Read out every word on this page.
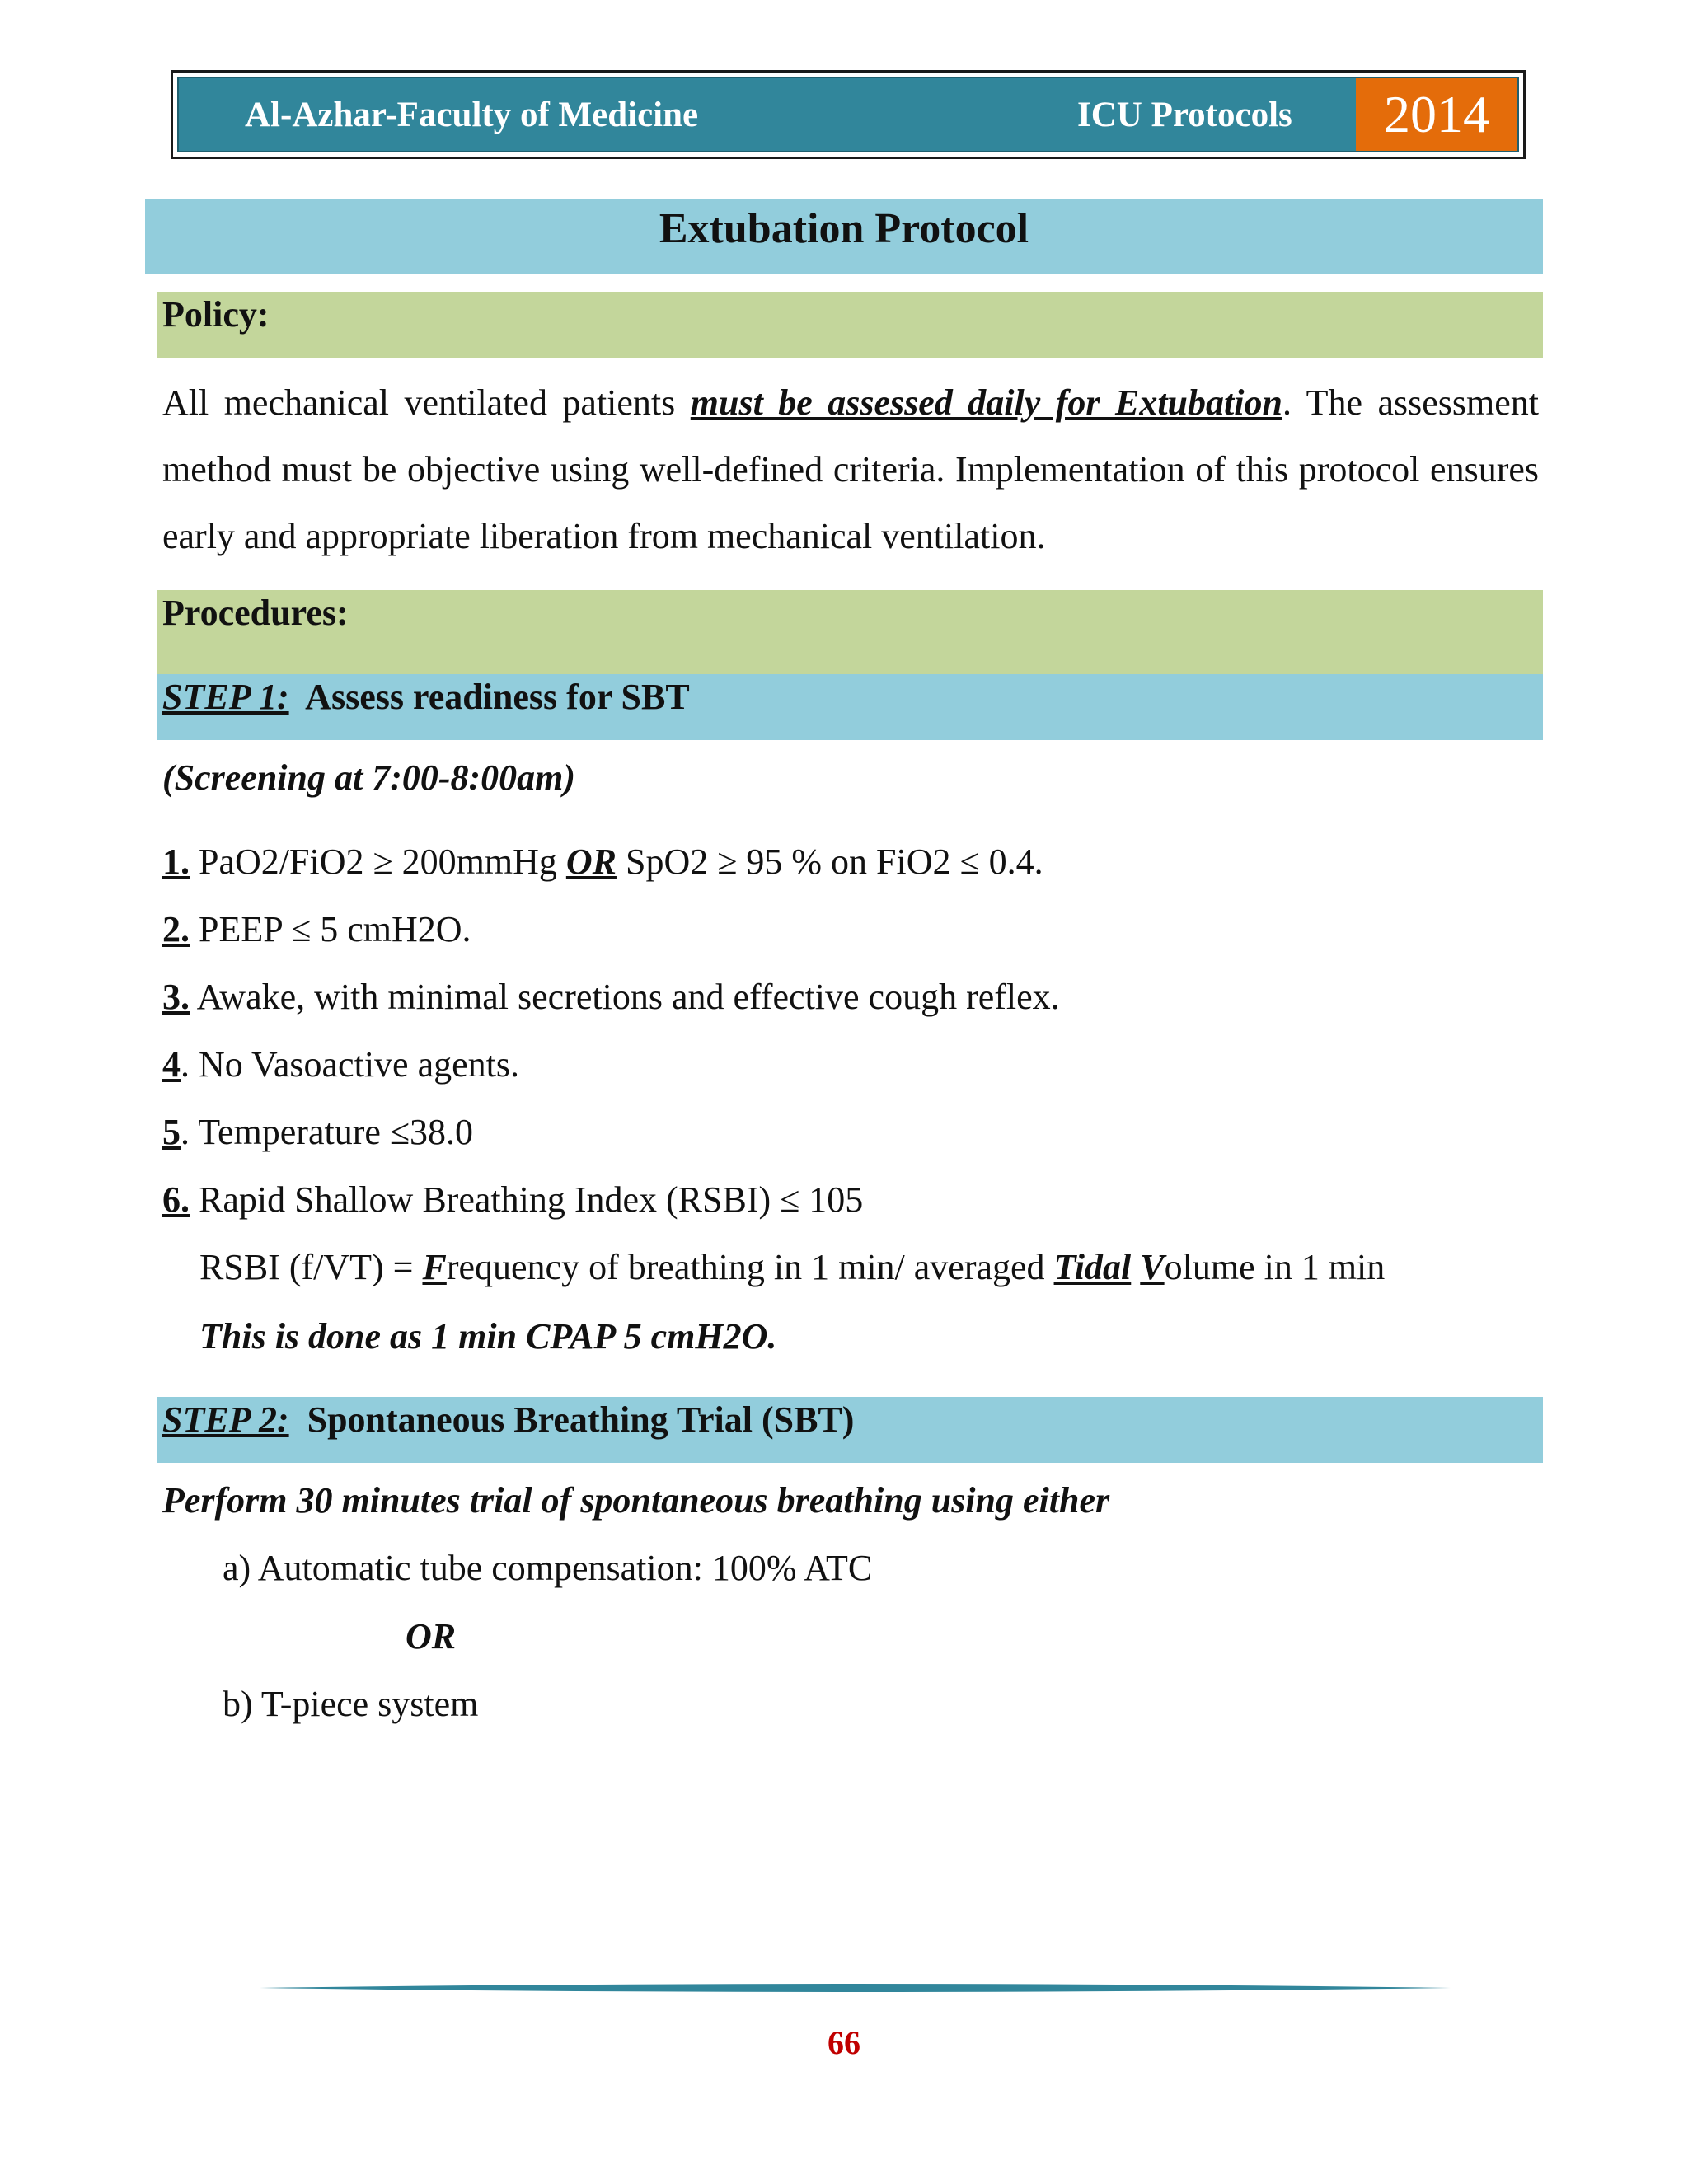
Al-Azhar-Faculty of Medicine	ICU Protocols	2014
Extubation Protocol
Policy:
All mechanical ventilated patients must be assessed daily for Extubation. The assessment method must be objective using well-defined criteria. Implementation of this protocol ensures early and appropriate liberation from mechanical ventilation.
Procedures:
STEP 1: Assess readiness for SBT
(Screening at 7:00-8:00am)
1. PaO2/FiO2 ≥ 200mmHg OR SpO2 ≥ 95 % on FiO2 ≤ 0.4.
2. PEEP ≤ 5 cmH2O.
3. Awake, with minimal secretions and effective cough reflex.
4. No Vasoactive agents.
5. Temperature ≤38.0
6. Rapid Shallow Breathing Index (RSBI) ≤ 105
RSBI (f/VT) = Frequency of breathing in 1 min/ averaged Tidal Volume in 1 min
This is done as 1 min CPAP 5 cmH2O.
STEP 2: Spontaneous Breathing Trial (SBT)
Perform 30 minutes trial of spontaneous breathing using either
a) Automatic tube compensation: 100% ATC
OR
b) T-piece system
66
